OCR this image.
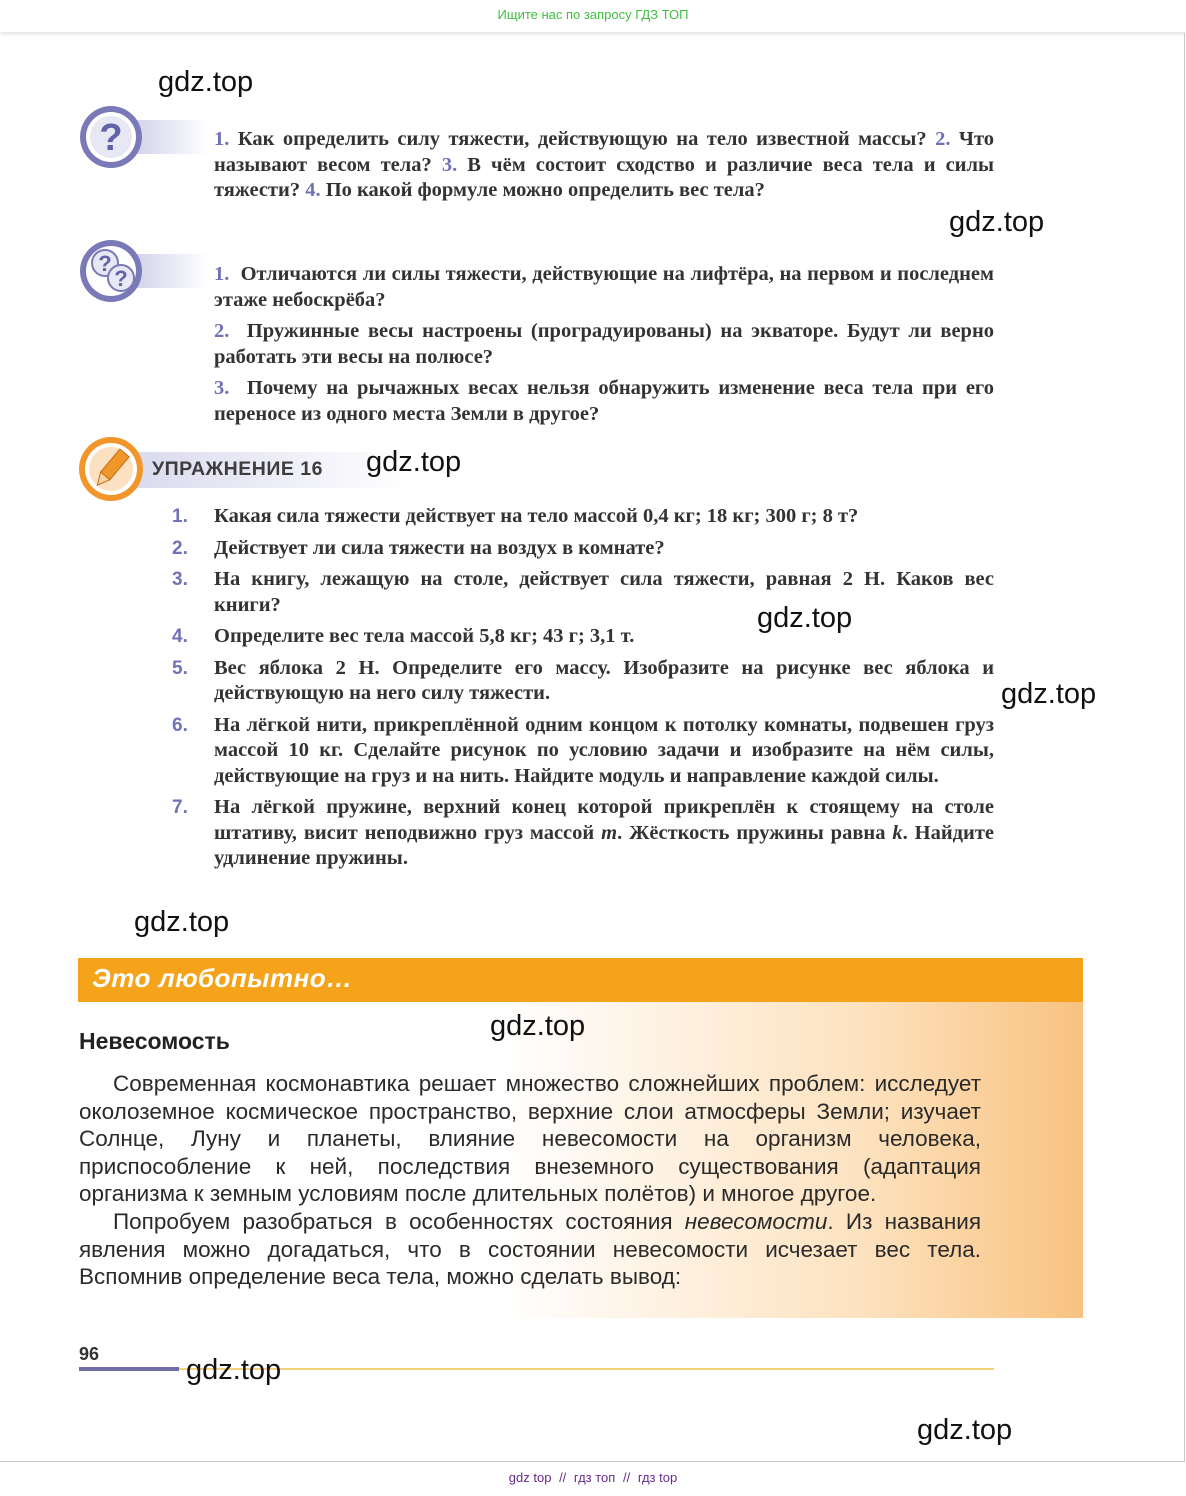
Ищите нас по запросу ГДЗ ТОП
?	1. Как определить силу тяжести, действующую на тело известной массы? 2. Что называют весом тела? 3. В чём состоит сходство и различие веса тела и силы тяжести? 4. По какой формуле можно определить вес тела?
?
?	1. Отличаются ли силы тяжести, действующие на лифтёра, на первом и последнем этаже небоскрёба?

2. Пружинные весы настроены (проградуированы) на экваторе. Будут ли верно работать эти весы на полюсе?

3. Почему на рычажных весах нельзя обнаружить изменение веса тела при его переносе из одного места Земли в другое?

УПРАЖНЕНИЕ 16
1. Какая сила тяжести действует на тело массой 0,4 кг; 18 кг; 300 г; 8 т?
2. Действует ли сила тяжести на воздух в комнате?
3. На книгу, лежащую на столе, действует сила тяжести, равная 2 Н. Каков вес книги?
4. Определите вес тела массой 5,8 кг; 43 г; 3,1 т.
5. Вес яблока 2 Н. Определите его массу. Изобразите на рисунке вес яблока и действующую на него силу тяжести.
6. На лёгкой нити, прикреплённой одним концом к потолку комнаты, подвешен груз массой 10 кг. Сделайте рисунок по условию задачи и изобразите на нём силы, действующие на груз и на нить. Найдите модуль и направление каждой силы.
7. На лёгкой пружине, верхний конец которой прикреплён к стоящему на столе штативу, висит неподвижно груз массой m. Жёсткость пружины равна k. Найдите удлинение пружины.
Это любопытно…
Невесомость

Современная космонавтика решает множество сложнейших проблем: исследует околоземное космическое пространство, верхние слои атмосферы Земли; изучает Солнце, Луну и планеты, влияние невесомости на организм человека, приспособление к ней, последствия внеземного существования (адаптация организма к земным условиям после длительных полётов) и многое другое.

Попробуем разобраться в особенностях состояния невесомости. Из названия явления можно догадаться, что в состоянии невесомости исчезает вес тела. Вспомнив определение веса тела, можно сделать вывод:

96
gdz.top
gdz.top
gdz.top
gdz.top
gdz.top
gdz.top
gdz.top
gdz.top
gdz.top
gdz top // гдз топ // гдз top
